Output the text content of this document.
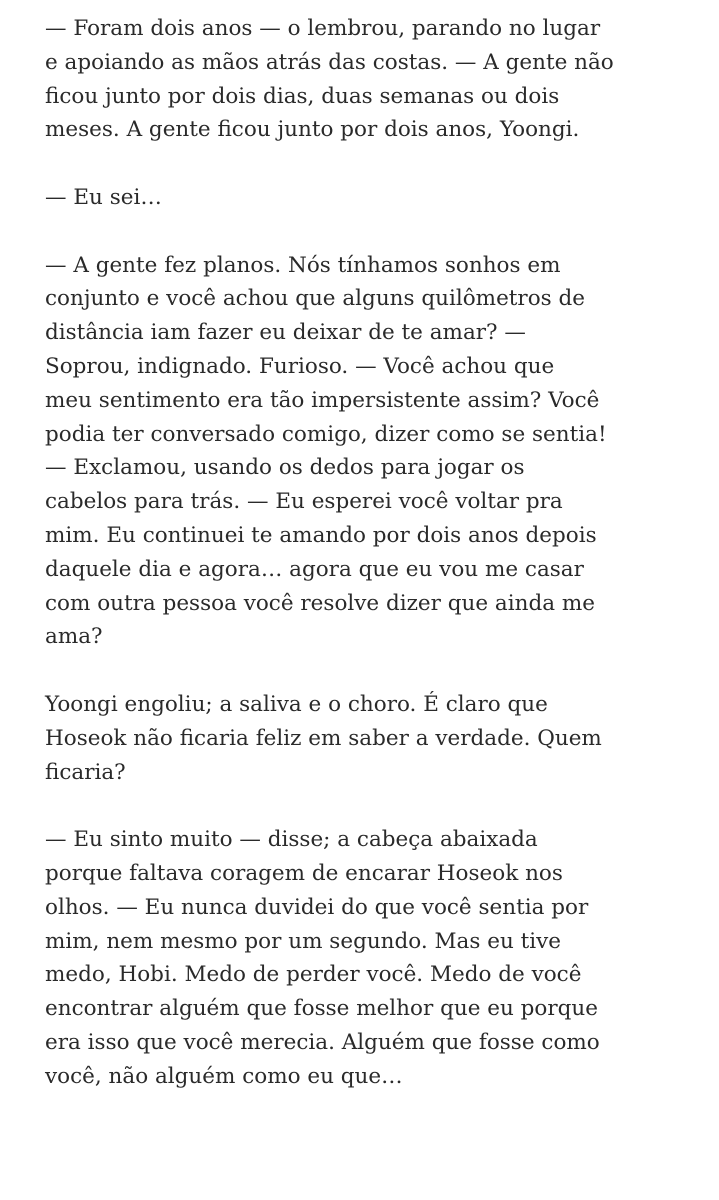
— Foram dois anos — o lembrou, parando no lugar
e apoiando as mãos atrás das costas. — A gente não
ficou junto por dois dias, duas semanas ou dois
meses. A gente ficou junto por dois anos, Yoongi.
— Eu sei…
— A gente fez planos. Nós tínhamos sonhos em
conjunto e você achou que alguns quilômetros de
distância iam fazer eu deixar de te amar? —
Soprou, indignado. Furioso. — Você achou que
meu sentimento era tão impersistente assim? Você
podia ter conversado comigo, dizer como se sentia!
— Exclamou, usando os dedos para jogar os
cabelos para trás. — Eu esperei você voltar pra
mim. Eu continuei te amando por dois anos depois
daquele dia e agora… agora que eu vou me casar
com outra pessoa você resolve dizer que ainda me
ama?
Yoongi engoliu; a saliva e o choro. É claro que
Hoseok não ficaria feliz em saber a verdade. Quem
ficaria?
— Eu sinto muito — disse; a cabeça abaixada
porque faltava coragem de encarar Hoseok nos
olhos. — Eu nunca duvidei do que você sentia por
mim, nem mesmo por um segundo. Mas eu tive
medo, Hobi. Medo de perder você. Medo de você
encontrar alguém que fosse melhor que eu porque
era isso que você merecia. Alguém que fosse como
você, não alguém como eu que…
